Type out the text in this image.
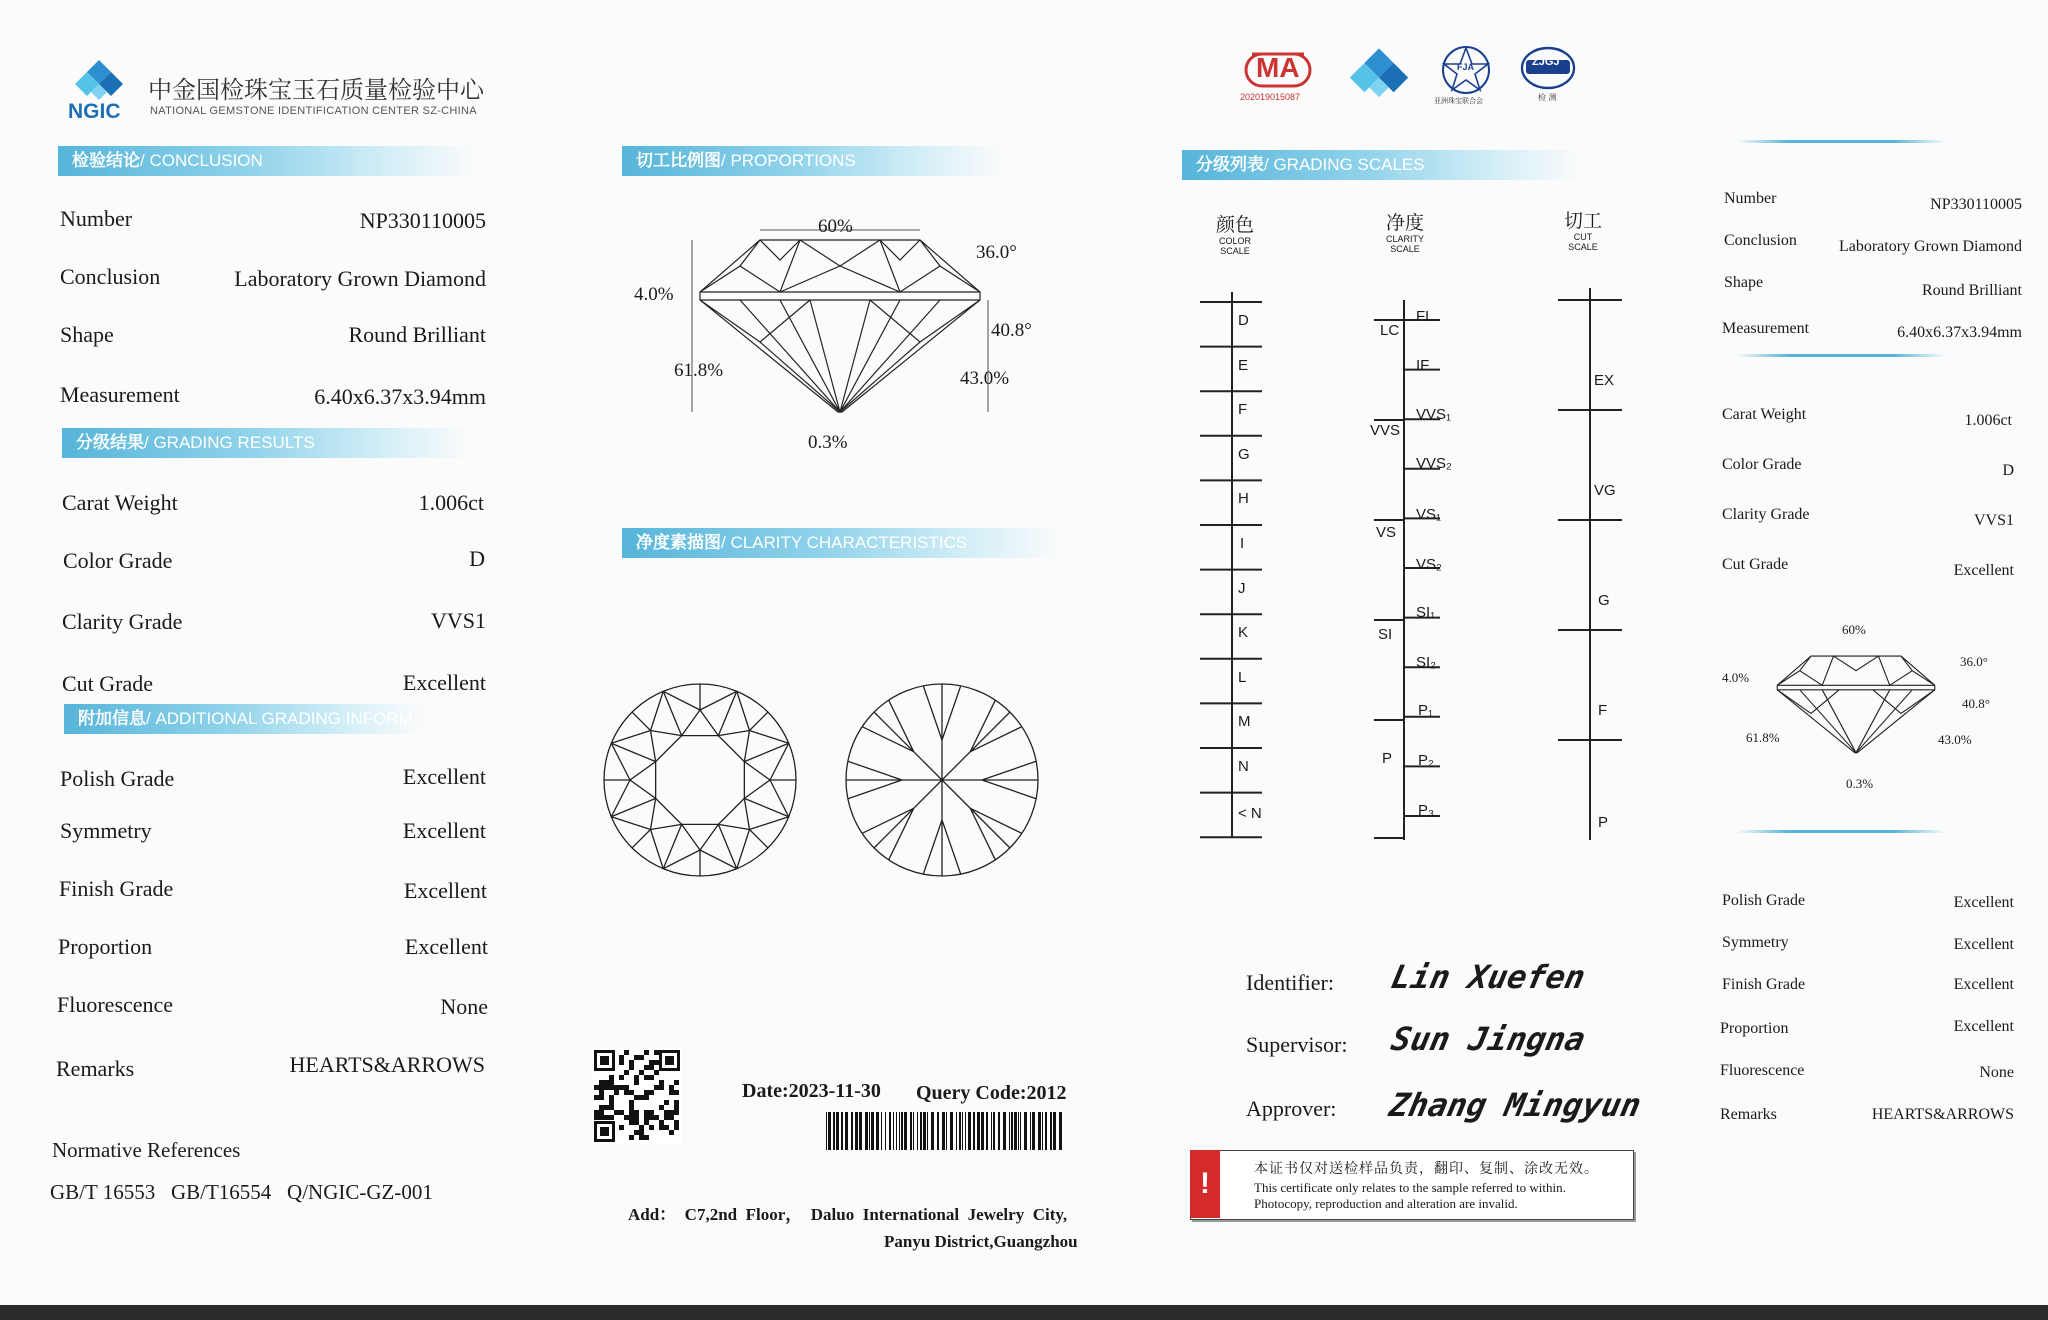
NGIC
中金国检珠宝玉石质量检验中心
NATIONAL GEMSTONE IDENTIFICATION CENTER SZ-CHINA
检验结论/ CONCLUSION
Number	NP330110005
Conclusion	Laboratory Grown Diamond
Shape	Round Brilliant
Measurement	6.40x6.37x3.94mm
分级结果/ GRADING RESULTS
Carat Weight	1.006ct
Color Grade	D
Clarity Grade	VVS1
Cut Grade	Excellent
附加信息/ ADDITIONAL GRADING INFORM
Polish Grade	Excellent
Symmetry	Excellent
Finish Grade	Excellent
Proportion	Excellent
Fluorescence	None
Remarks	HEARTS&ARROWS
Normative References
GB/T 16553   GB/T16554   Q/NGIC-GZ-001
切工比例图/ PROPORTIONS
60%
36.0°
4.0%
40.8°
61.8%	43.0%
0.3%
净度素描图/ CLARITY CHARACTERISTICS
Date:2023-11-30 Query Code:2012
Add：  C7,2nd  Floor，  Daluo  International  Jewelry  City,
Panyu District,Guangzhou
MA
202019015087
FJA
亚洲珠宝联合会
ZJGJ
检 测
分级列表/ GRADING SCALES
颜色
COLOR SCALE
净度
CLARITY SCALE
切工
CUT SCALE
D
E
F
G
H
I
J
K
L
M
N
< N
LC
VVS
VS
SI
P
FL
IF
VVS₁
VVS₂
VS₁
VS₂
SI₁
SI₂
P₁
P₂
P₃
EX
VG
G
F
P
Identifier: Lin Xuefen
Supervisor: Sun Jingna
Approver: Zhang Mingyun
!	本证书仅对送检样品负责，翻印、复制、涂改无效。
This certificate only relates to the sample referred to within.
Photocopy, reproduction and alteration are invalid.
Number	NP330110005
Conclusion	Laboratory Grown Diamond
Shape	Round Brilliant
Measurement	6.40x6.37x3.94mm
Carat Weight	1.006ct
Color Grade	D
Clarity Grade	VVS1
Cut Grade	Excellent
60%
36.0°
4.0%
40.8°
61.8%	43.0%
0.3%
Polish Grade	Excellent
Symmetry	Excellent
Finish Grade	Excellent
Proportion	Excellent
Fluorescence	None
Remarks	HEARTS&ARROWS
